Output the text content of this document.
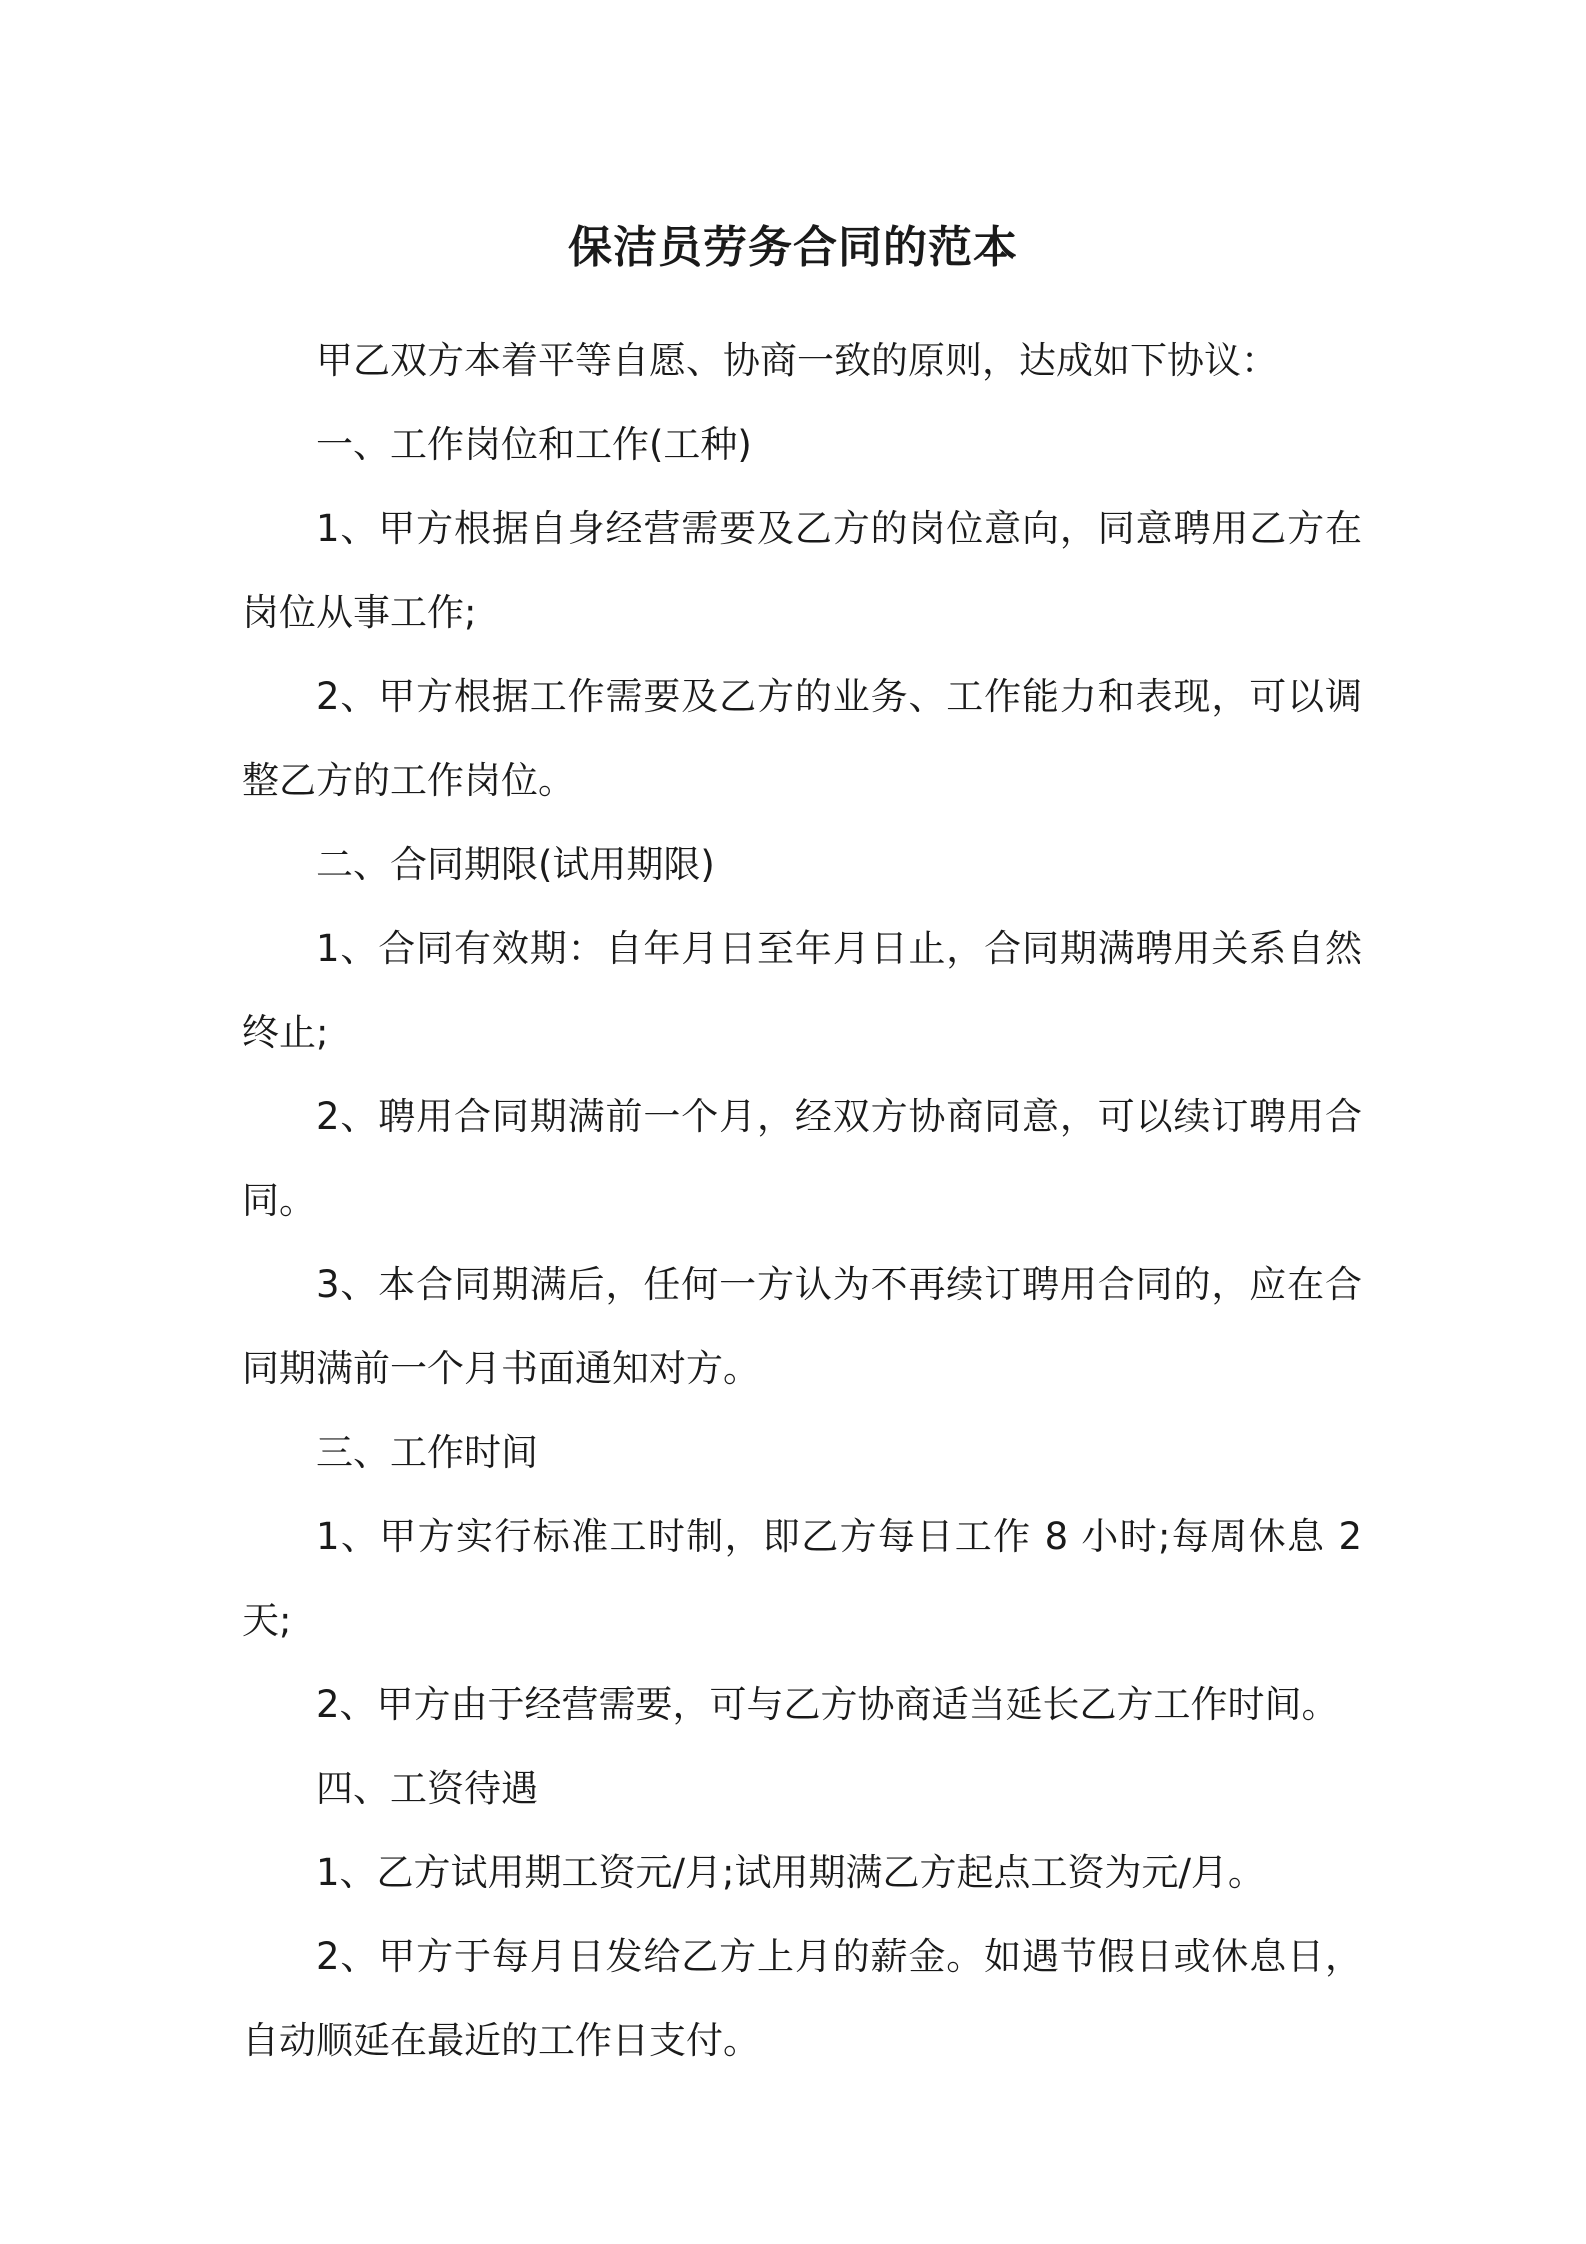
保洁员劳务合同的范本

甲乙双方本着平等自愿、协商一致的原则，达成如下协议：

一、工作岗位和工作(工种)

1、甲方根据自身经营需要及乙方的岗位意向，同意聘用乙方在岗位从事工作;

2、甲方根据工作需要及乙方的业务、工作能力和表现，可以调整乙方的工作岗位。

二、合同期限(试用期限)

1、合同有效期：自年月日至年月日止，合同期满聘用关系自然终止;

2、聘用合同期满前一个月，经双方协商同意，可以续订聘用合同。

3、本合同期满后，任何一方认为不再续订聘用合同的，应在合同期满前一个月书面通知对方。

三、工作时间

1、甲方实行标准工时制，即乙方每日工作 8 小时;每周休息 2 天;

2、甲方由于经营需要，可与乙方协商适当延长乙方工作时间。

四、工资待遇

1、乙方试用期工资元/月;试用期满乙方起点工资为元/月。

2、甲方于每月日发给乙方上月的薪金。如遇节假日或休息日，自动顺延在最近的工作日支付。
